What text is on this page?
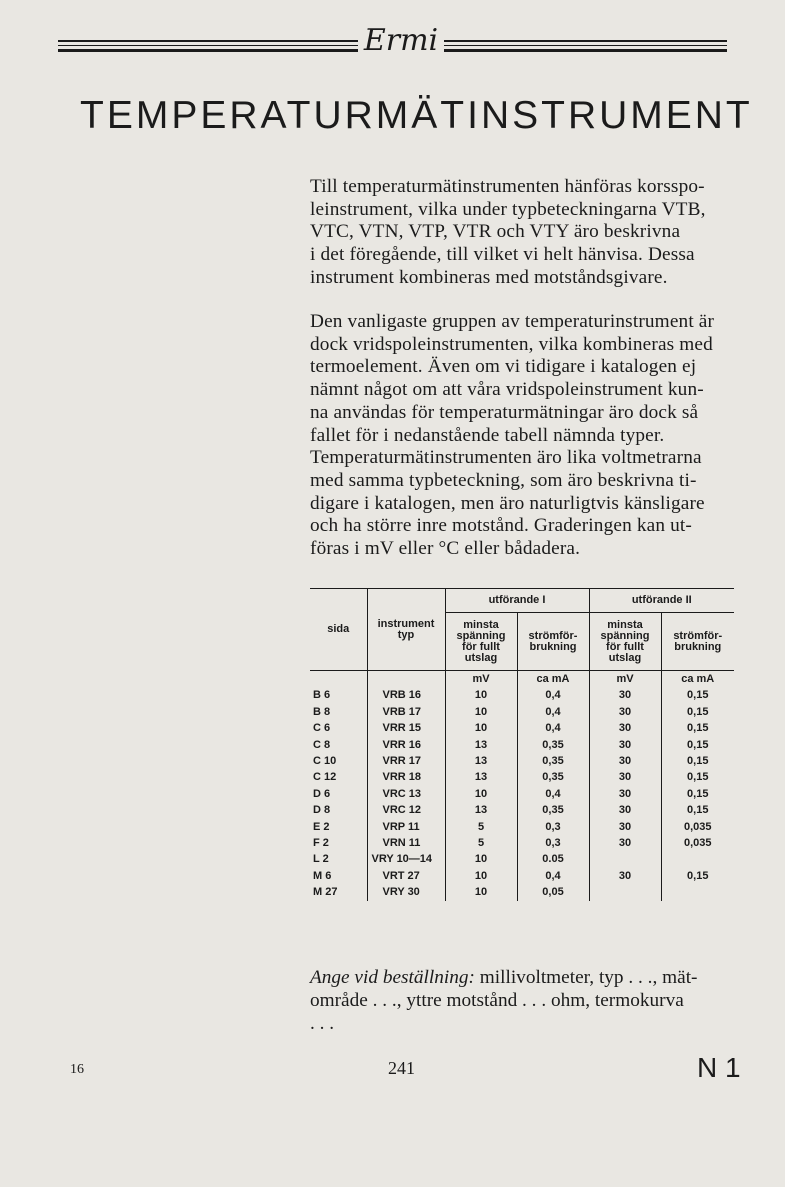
Ermi
TEMPERATURMÄTINSTRUMENT
Till temperaturmätinstrumenten hänföras korsspo-
leinstrument, vilka under typbeteckningarna VTB,
VTC, VTN, VTP, VTR och VTY äro beskrivna
i det föregående, till vilket vi helt hänvisa. Dessa
instrument kombineras med motståndsgivare.
Den vanligaste gruppen av temperaturinstrument är
dock vridspoleinstrumenten, vilka kombineras med
termoelement. Även om vi tidigare i katalogen ej
nämnt något om att våra vridspoleinstrument kun-
na användas för temperaturmätningar äro dock så
fallet för i nedanstående tabell nämnda typer.
Temperaturmätinstrumenten äro lika voltmetrarna
med samma typbeteckning, som äro beskrivna ti-
digare i katalogen, men äro naturligtvis känsligare
och ha större inre motstånd. Graderingen kan ut-
föras i mV eller °C eller bådadera.
sida	instrument typ	utförande I		utförande II	
		minsta spänning för fullt utslag	strömför-brukning	minsta spänning för fullt utslag	strömför-brukning
		mV	ca mA	mV	ca mA
B 6	VRB 16	10	0,4	30	0,15
B 8	VRB 17	10	0,4	30	0,15
C 6	VRR 15	10	0,4	30	0,15
C 8	VRR 16	13	0,35	30	0,15
C 10	VRR 17	13	0,35	30	0,15
C 12	VRR 18	13	0,35	30	0,15
D 6	VRC 13	10	0,4	30	0,15
D 8	VRC 12	13	0,35	30	0,15
E 2	VRP 11	5	0,3	30	0,035
F 2	VRN 11	5	0,3	30	0,035
L 2	VRY 10—14	10	0.05		
M 6	VRT 27	10	0,4	30	0,15
M 27	VRY 30	10	0,05		
Ange vid beställning: millivoltmeter, typ . . ., mät-
område . . ., yttre motstånd . . . ohm, termokurva
. . .
16	241	N 1
